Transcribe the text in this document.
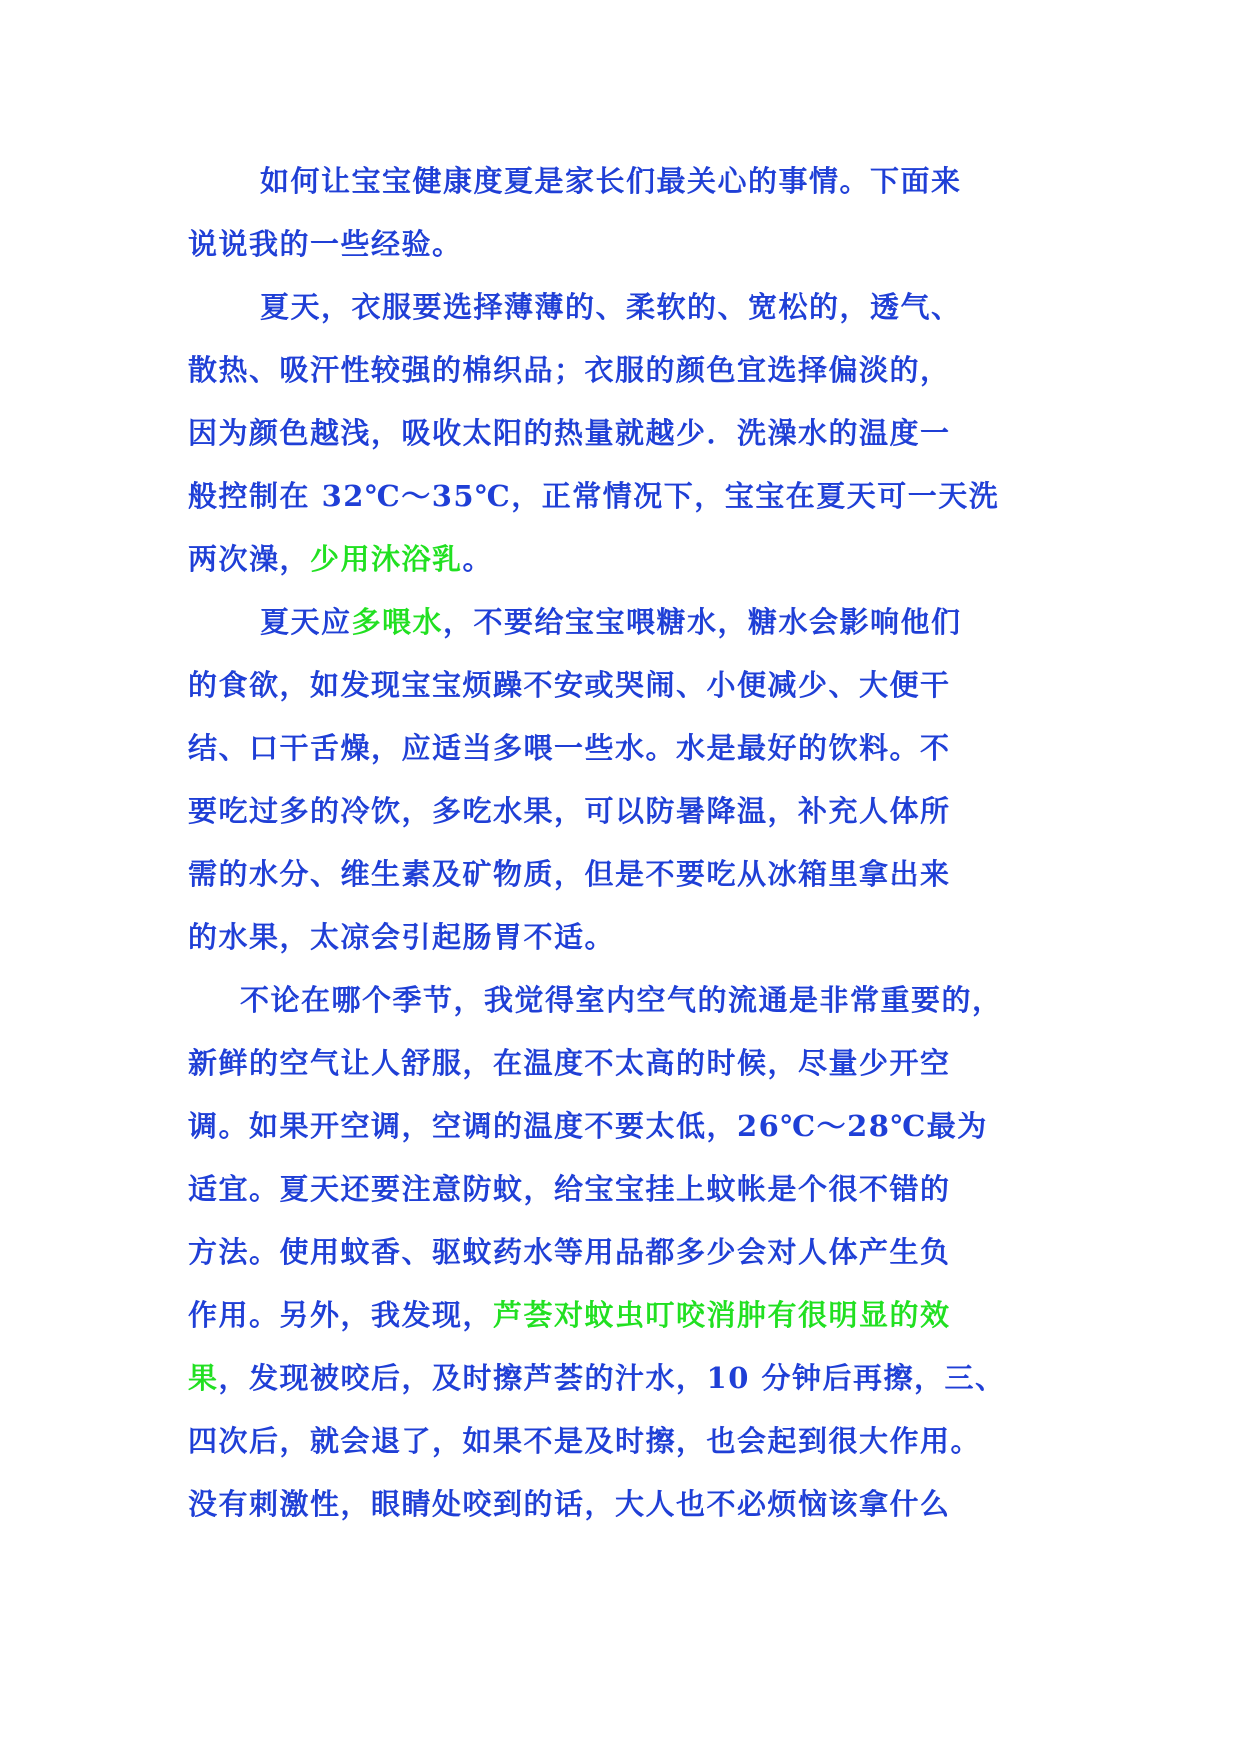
如何让宝宝健康度夏是家长们最关心的事情。下面来
说说我的一些经验。
夏天，衣服要选择薄薄的、柔软的、宽松的，透气、
散热、吸汗性较强的棉织品；衣服的颜色宜选择偏淡的，
因为颜色越浅，吸收太阳的热量就越少．洗澡水的温度一
般控制在 32℃～35℃，正常情况下，宝宝在夏天可一天洗
两次澡，少用沐浴乳。
夏天应多喂水，不要给宝宝喂糖水，糖水会影响他们
的食欲，如发现宝宝烦躁不安或哭闹、小便减少、大便干
结、口干舌燥，应适当多喂一些水。水是最好的饮料。不
要吃过多的冷饮，多吃水果，可以防暑降温，补充人体所
需的水分、维生素及矿物质，但是不要吃从冰箱里拿出来
的水果，太凉会引起肠胃不适。
不论在哪个季节，我觉得室内空气的流通是非常重要的，
新鲜的空气让人舒服，在温度不太高的时候，尽量少开空
调。如果开空调，空调的温度不要太低，26℃～28℃最为
适宜。夏天还要注意防蚊，给宝宝挂上蚊帐是个很不错的
方法。使用蚊香、驱蚊药水等用品都多少会对人体产生负
作用。另外，我发现，芦荟对蚊虫叮咬消肿有很明显的效
果，发现被咬后，及时擦芦荟的汁水，10 分钟后再擦，三、
四次后，就会退了，如果不是及时擦，也会起到很大作用。
没有刺激性，眼睛处咬到的话，大人也不必烦恼该拿什么
